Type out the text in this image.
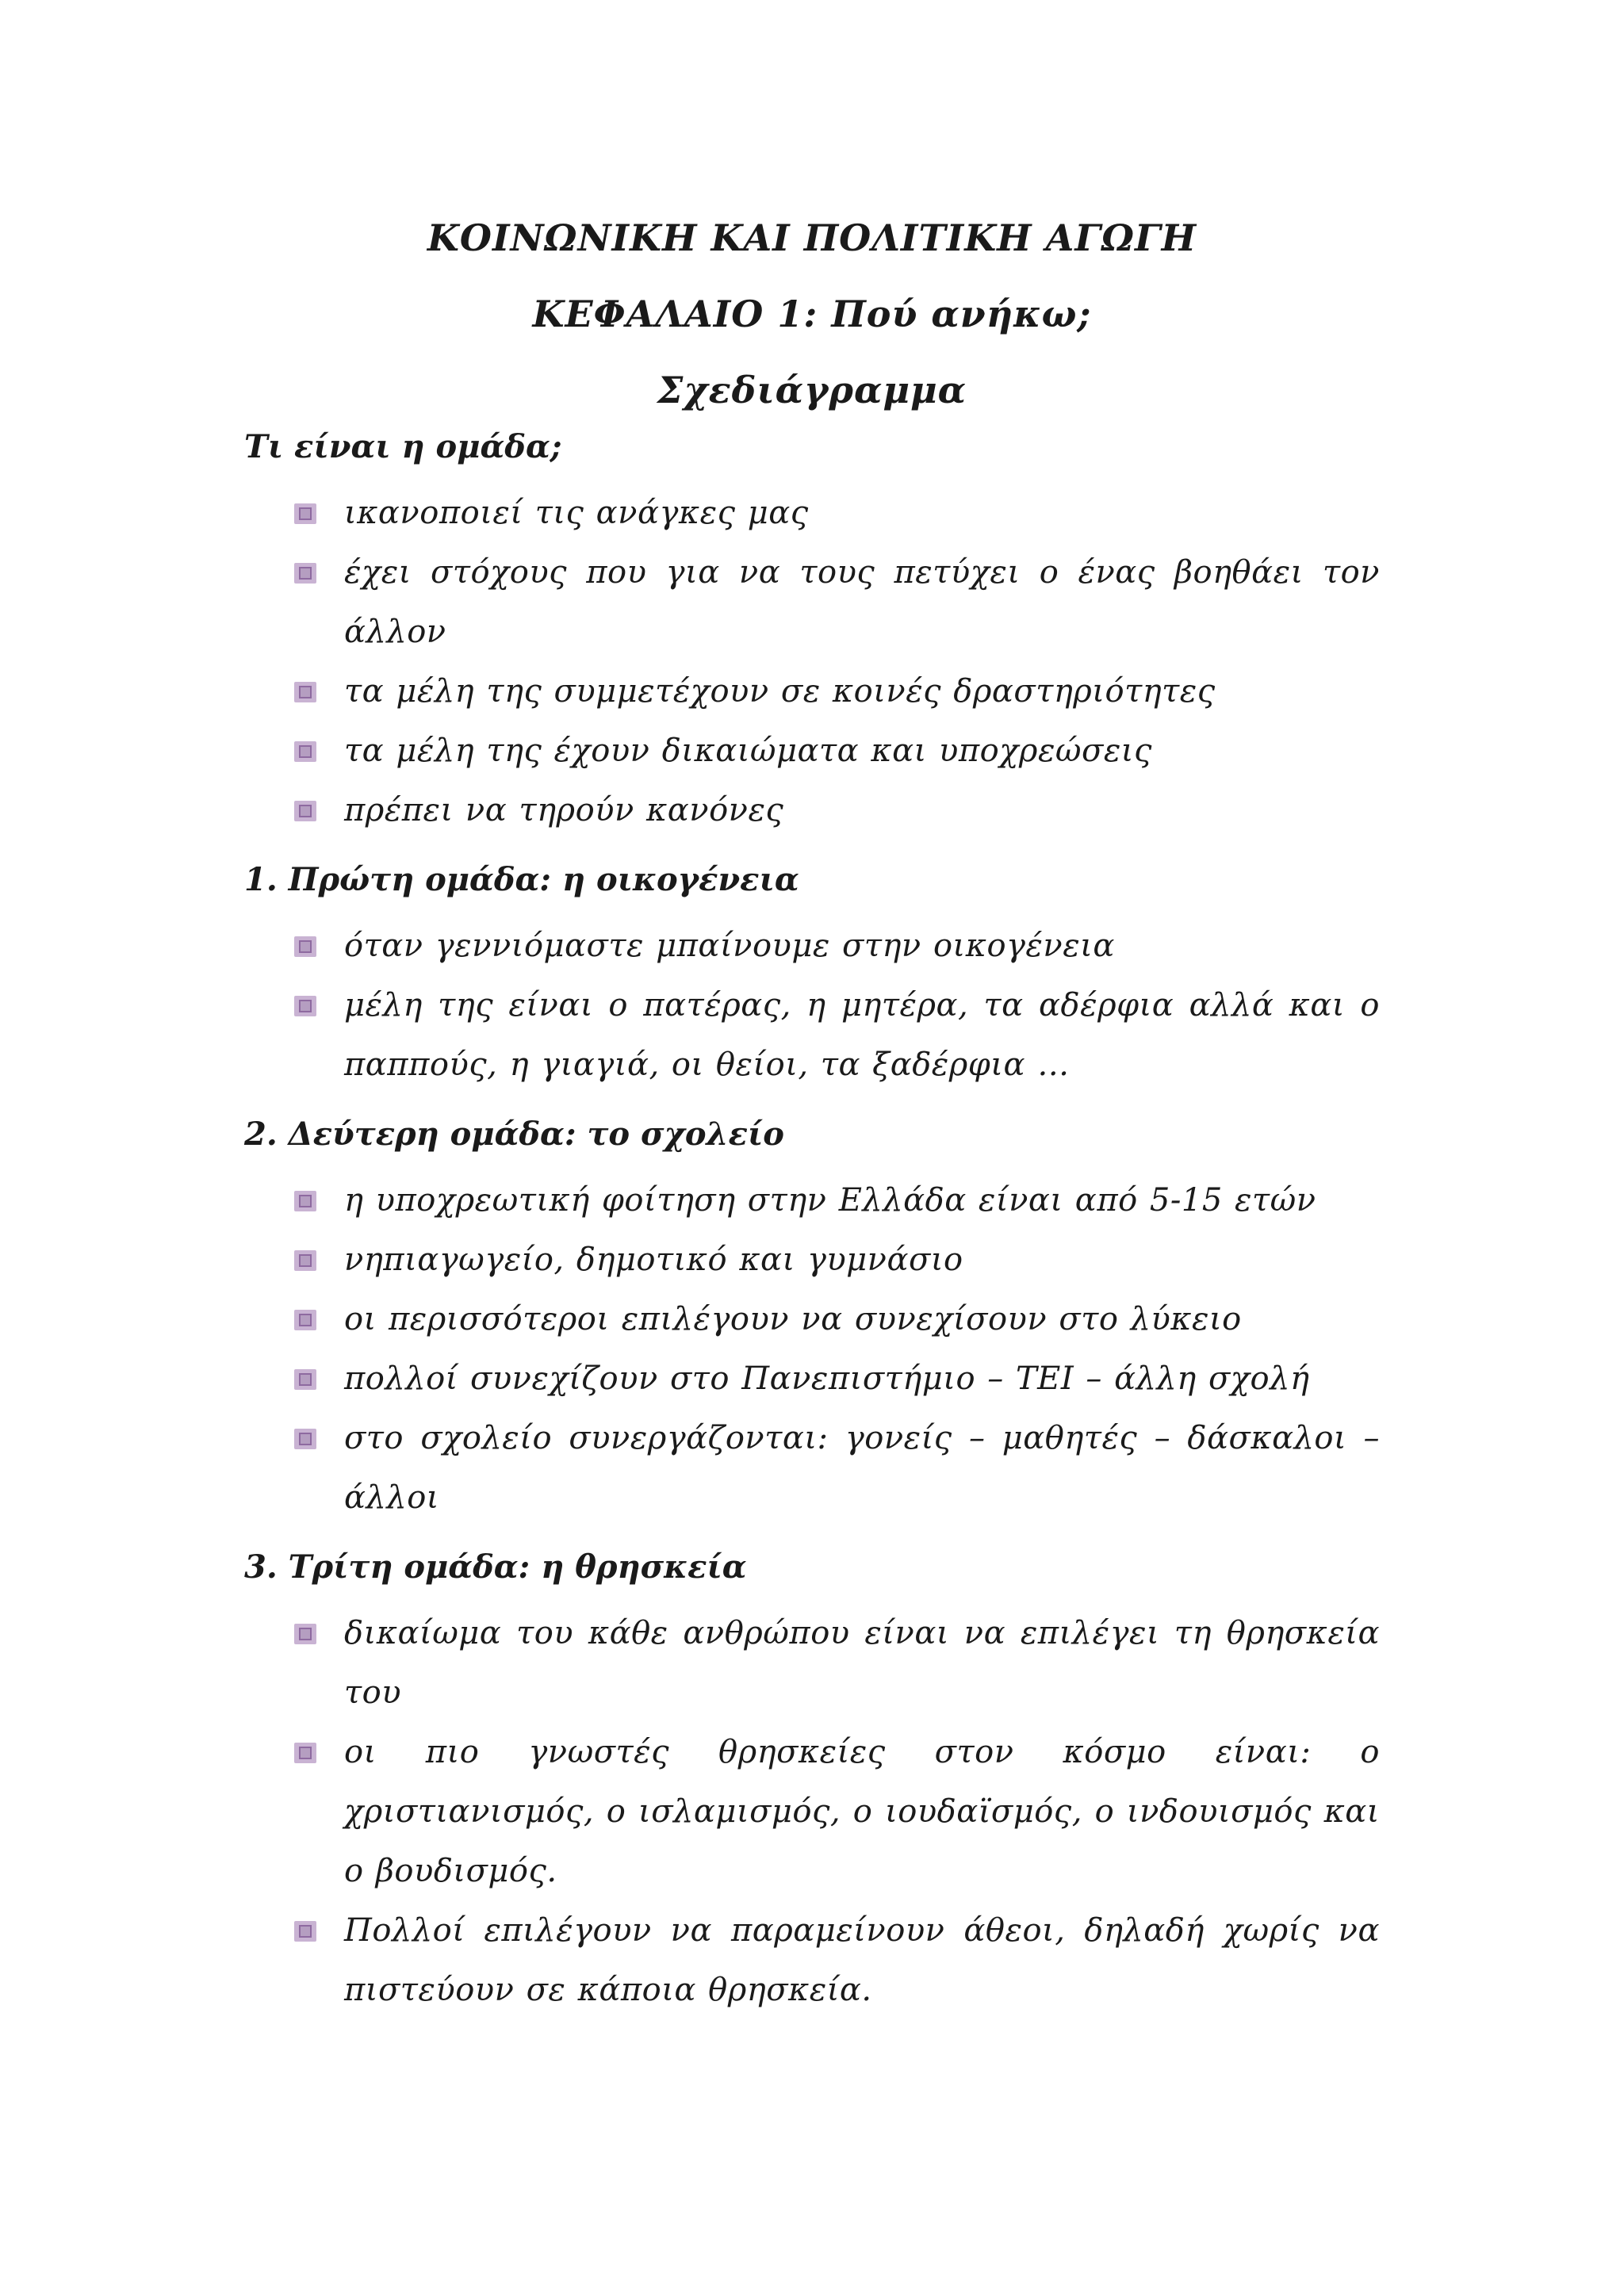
ΚΟΙΝΩΝΙΚΗ ΚΑΙ ΠΟΛΙΤΙΚΗ ΑΓΩΓΗ
ΚΕΦΑΛΑΙΟ 1: Πού ανήκω;
Σχεδιάγραμμα
Τι είναι η ομάδα;
ικανοποιεί τις ανάγκες μας
έχει στόχους που για να τους πετύχει ο ένας βοηθάει τον άλλον
τα μέλη της συμμετέχουν σε κοινές δραστηριότητες
τα μέλη της έχουν δικαιώματα και υποχρεώσεις
πρέπει να τηρούν κανόνες
1. Πρώτη ομάδα: η οικογένεια
όταν γεννιόμαστε μπαίνουμε στην οικογένεια
μέλη της είναι ο πατέρας, η μητέρα, τα αδέρφια αλλά και ο παππούς, η γιαγιά, οι θείοι, τα ξαδέρφια …
2. Δεύτερη ομάδα: το σχολείο
η υποχρεωτική φοίτηση στην Ελλάδα είναι από 5-15 ετών
νηπιαγωγείο, δημοτικό και γυμνάσιο
οι περισσότεροι επιλέγουν να συνεχίσουν στο λύκειο
πολλοί συνεχίζουν στο Πανεπιστήμιο – ΤΕΙ – άλλη σχολή
στο σχολείο συνεργάζονται: γονείς – μαθητές – δάσκαλοι – άλλοι
3. Τρίτη ομάδα: η θρησκεία
δικαίωμα του κάθε ανθρώπου είναι να επιλέγει τη θρησκεία του
οι πιο γνωστές θρησκείες στον κόσμο είναι: ο χριστιανισμός, ο ισλαμισμός, ο ιουδαϊσμός, ο ινδουισμός και ο βουδισμός.
Πολλοί επιλέγουν να παραμείνουν άθεοι, δηλαδή χωρίς να πιστεύουν σε κάποια θρησκεία.
